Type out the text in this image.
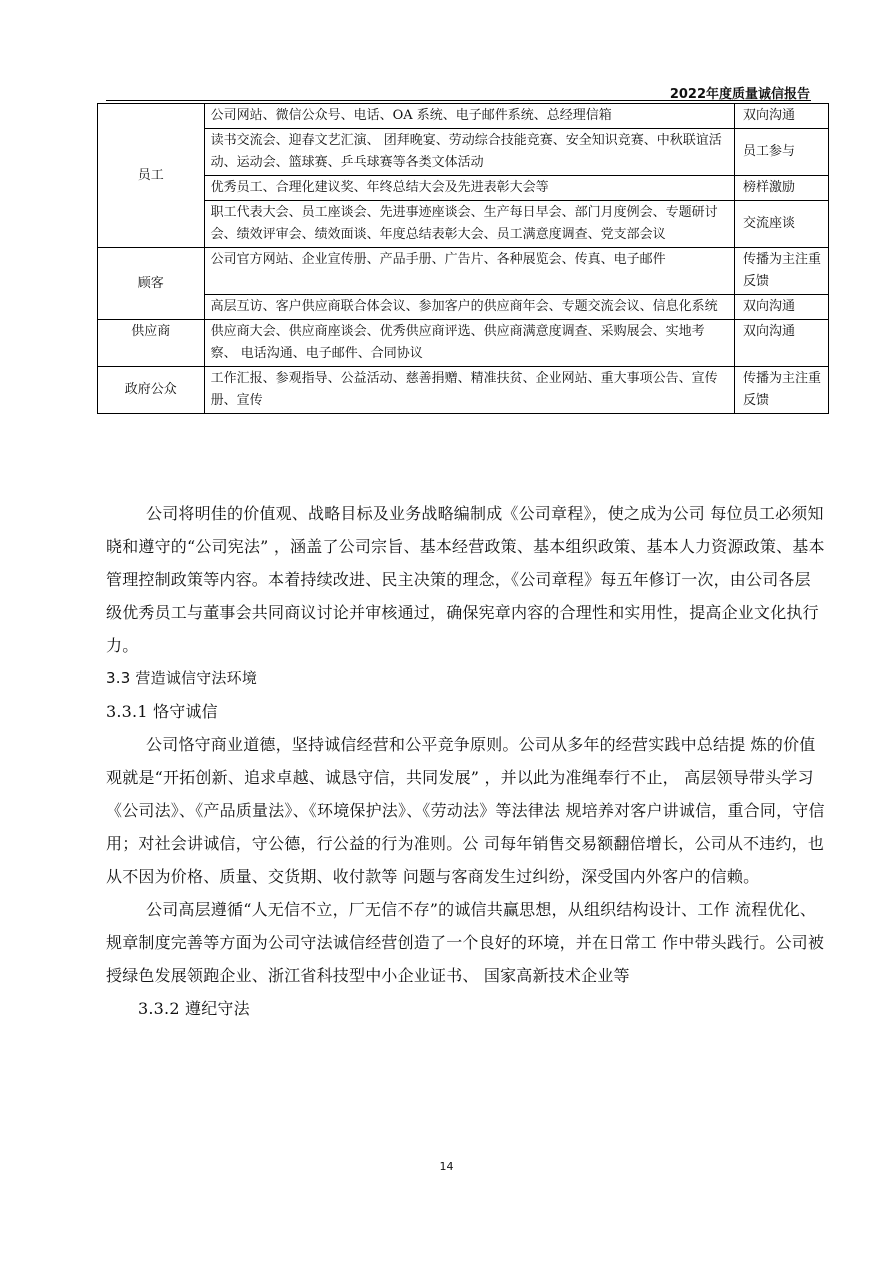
2022年度质量诚信报告
员工	公司网站、微信公众号、电话、OA 系统、电子邮件系统、总经理信箱	双向沟通
	读书交流会、迎春文艺汇演、 团拜晚宴、劳动综合技能竞赛、安全知识竞赛、中秋联谊活动、运动会、篮球赛、乒乓球赛等各类文体活动	员工参与
	优秀员工、合理化建议奖、年终总结大会及先进表彰大会等	榜样激励
	职工代表大会、员工座谈会、先进事迹座谈会、生产每日早会、部门月度例会、专题研讨会、绩效评审会、绩效面谈、年度总结表彰大会、员工满意度调查、党支部会议	交流座谈
顾客	公司官方网站、企业宣传册、产品手册、广告片、各种展览会、传真、电子邮件	传播为主注重反馈
	高层互访、客户供应商联合体会议、参加客户的供应商年会、专题交流会议、信息化系统	双向沟通
供应商	供应商大会、供应商座谈会、优秀供应商评选、供应商满意度调查、采购展会、实地考察、 电话沟通、电子邮件、合同协议	双向沟通
政府公众	工作汇报、参观指导、公益活动、慈善捐赠、精准扶贫、企业网站、重大事项公告、宣传册、宣传	传播为主注重反馈

公司将明佳的价值观、战略目标及业务战略编制成《公司章程》，使之成为公司 每位员工必须知晓和遵守的“公司宪法” ，涵盖了公司宗旨、基本经营政策、基本组织政策、基本人力资源政策、基本管理控制政策等内容。本着持续改进、民主决策的理念，《公司章程》每五年修订一次，由公司各层级优秀员工与董事会共同商议讨论并审核通过，确保宪章内容的合理性和实用性，提高企业文化执行力。

3.3 营造诚信守法环境

3.3.1 恪守诚信

公司恪守商业道德，坚持诚信经营和公平竞争原则。公司从多年的经营实践中总结提 炼的价值观就是“开拓创新、追求卓越、诚恳守信，共同发展” ，并以此为准绳奉行不止， 高层领导带头学习《公司法》、《产品质量法》、《环境保护法》、《劳动法》等法律法 规培养对客户讲诚信，重合同，守信用；对社会讲诚信，守公德，行公益的行为准则。公 司每年销售交易额翻倍增长，公司从不违约，也从不因为价格、质量、交货期、收付款等 问题与客商发生过纠纷，深受国内外客户的信赖。

公司高层遵循“人无信不立，厂无信不存”的诚信共赢思想，从组织结构设计、工作 流程优化、规章制度完善等方面为公司守法诚信经营创造了一个良好的环境，并在日常工 作中带头践行。公司被授绿色发展领跑企业、浙江省科技型中小企业证书、 国家高新技术企业等

3.3.2 遵纪守法

14
